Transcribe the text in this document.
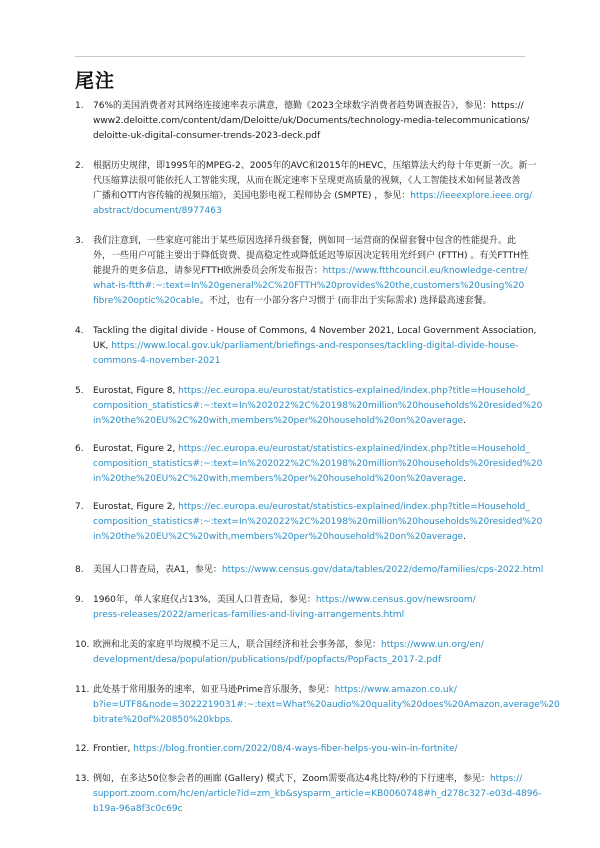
尾注
1.	76%的美国消费者对其网络连接速率表示满意，德勤《2023全球数字消费者趋势调查报告》，参见：https://
www2.deloitte.com/content/dam/Deloitte/uk/Documents/technology-media-telecommunications/
deloitte-uk-digital-consumer-trends-2023-deck.pdf
2.	根据历史规律，即1995年的MPEG-2、2005年的AVC和2015年的HEVC，压缩算法大约每十年更新一次。新一
代压缩算法很可能依托人工智能实现，从而在既定速率下呈现更高质量的视频，《人工智能技术如何显著改善
广播和OTT内容传输的视频压缩》，美国电影电视工程师协会 (SMPTE) ，参见：https://ieeexplore.ieee.org/
abstract/document/8977463
3.	我们注意到，一些家庭可能出于某些原因选择升级套餐，例如同一运营商的保留套餐中包含的性能提升。此
外，一些用户可能主要出于降低资费、提高稳定性或降低延迟等原因决定转用光纤到户 (FTTH) 。有关FTTH性
能提升的更多信息，请参见FTTH欧洲委员会所发布报告：https://www.ftthcouncil.eu/knowledge-centre/
what-is-ftth#:~:text=In%20general%2C%20FTTH%20provides%20the,customers%20using%20
fibre%20optic%20cable。不过，也有一小部分客户习惯于 (而非出于实际需求) 选择最高速套餐。
4.	Tackling the digital divide - House of Commons, 4 November 2021, Local Government Association,
UK, https://www.local.gov.uk/parliament/briefings-and-responses/tackling-digital-divide-house-
commons-4-november-2021
5.	Eurostat, Figure 8, https://ec.europa.eu/eurostat/statistics-explained/index.php?title=Household_
composition_statistics#:~:text=In%202022%2C%20198%20million%20households%20resided%20
in%20the%20EU%2C%20with,members%20per%20household%20on%20average.
6.	Eurostat, Figure 2, https://ec.europa.eu/eurostat/statistics-explained/index.php?title=Household_
composition_statistics#:~:text=In%202022%2C%20198%20million%20households%20resided%20
in%20the%20EU%2C%20with,members%20per%20household%20on%20average.
7.	Eurostat, Figure 2, https://ec.europa.eu/eurostat/statistics-explained/index.php?title=Household_
composition_statistics#:~:text=In%202022%2C%20198%20million%20households%20resided%20
in%20the%20EU%2C%20with,members%20per%20household%20on%20average.
8.	美国人口普查局，表A1，参见：https://www.census.gov/data/tables/2022/demo/families/cps-2022.html
9.	1960年，单人家庭仅占13%，美国人口普查局，参见：https://www.census.gov/newsroom/
press-releases/2022/americas-families-and-living-arrangements.html
10. 欧洲和北美的家庭平均规模不足三人，联合国经济和社会事务部，参见：https://www.un.org/en/
development/desa/population/publications/pdf/popfacts/PopFacts_2017-2.pdf
11. 此处基于常用服务的速率，如亚马逊Prime音乐服务，参见：https://www.amazon.co.uk/
b?ie=UTF8&node=3022219031#:~:text=What%20audio%20quality%20does%20Amazon,average%20
bitrate%20of%20850%20kbps.
12. Frontier, https://blog.frontier.com/2022/08/4-ways-fiber-helps-you-win-in-fortnite/
13. 例如，在多达50位参会者的画廊 (Gallery) 模式下，Zoom需要高达4兆比特/秒的下行速率，参见：https://
support.zoom.com/hc/en/article?id=zm_kb&sysparm_article=KB0060748#h_d278c327-e03d-4896-
b19a-96a8f3c0c69c
